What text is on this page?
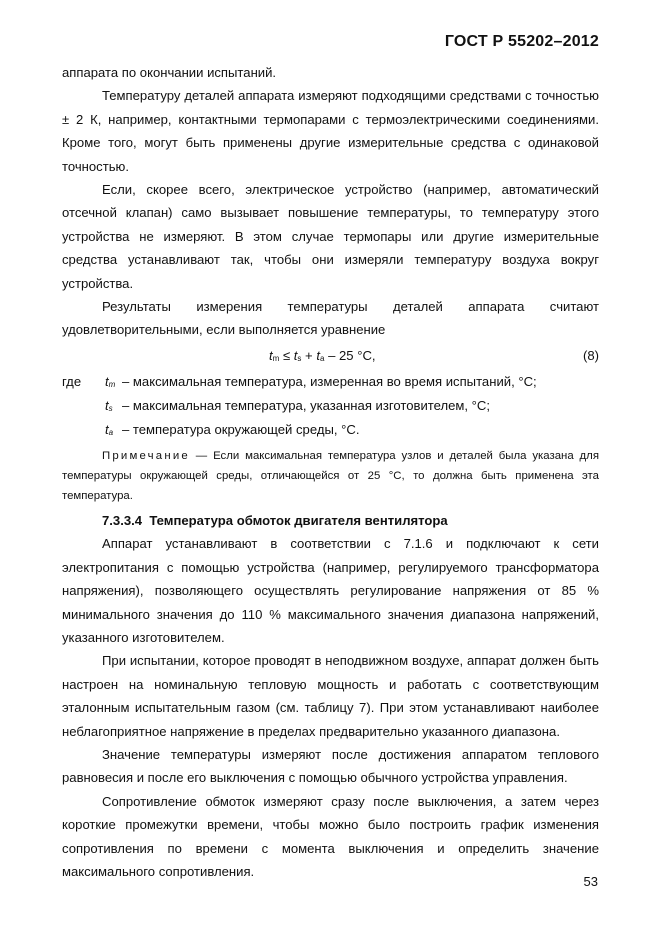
ГОСТ Р 55202–2012

аппарата по окончании испытаний.

Температуру деталей аппарата измеряют подходящими средствами с точностью ± 2 К, например, контактными термопарами с термоэлектрическими соединениями. Кроме того, могут быть применены другие измерительные средства с одинаковой точностью.

Если, скорее всего, электрическое устройство (например, автоматический отсечной клапан) само вызывает повышение температуры, то температуру этого устройства не измеряют. В этом случае термопары или другие измерительные средства устанавливают так, чтобы они измеряли температуру воздуха вокруг устройства.

Результаты измерения температуры деталей аппарата считают удовлетворительными, если выполняется уравнение

tm ≤ ts + ta – 25 °С,	(8)
где	tm – максимальная температура, измеренная во время испытаний, °С;
ts – максимальная температура, указанная изготовителем, °С;
ta – температура окружающей среды, °С.

Примечание — Если максимальная температура узлов и деталей была указана для температуры окружающей среды, отличающейся от 25 °С, то должна быть применена эта температура.

7.3.3.4 Температура обмоток двигателя вентилятора

Аппарат устанавливают в соответствии с 7.1.6 и подключают к сети электропитания с помощью устройства (например, регулируемого трансформатора напряжения), позволяющего осуществлять регулирование напряжения от 85 % минимального значения до 110 % максимального значения диапазона напряжений, указанного изготовителем.

При испытании, которое проводят в неподвижном воздухе, аппарат должен быть настроен на номинальную тепловую мощность и работать с соответствующим эталонным испытательным газом (см. таблицу 7). При этом устанавливают наиболее неблагоприятное напряжение в пределах предварительно указанного диапазона.

Значение температуры измеряют после достижения аппаратом теплового равновесия и после его выключения с помощью обычного устройства управления.

Сопротивление обмоток измеряют сразу после выключения, а затем через короткие промежутки времени, чтобы можно было построить график изменения сопротивления по времени с момента выключения и определить значение максимального сопротивления.

53
